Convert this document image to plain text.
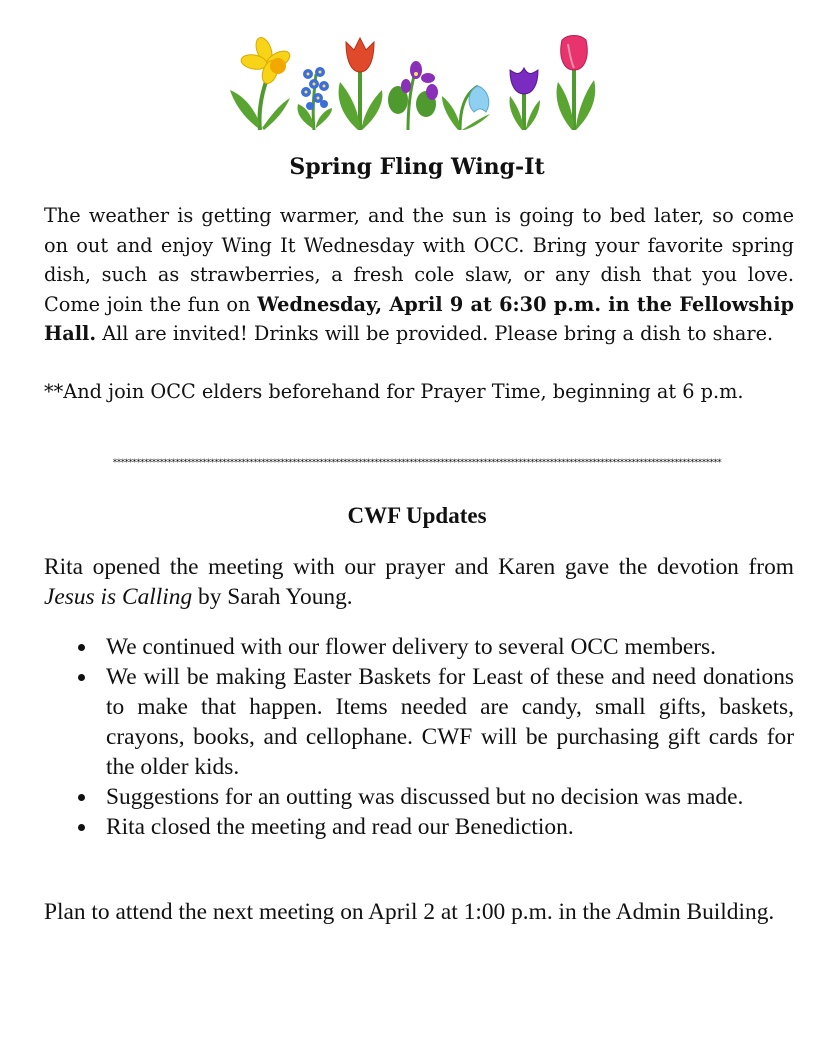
Spring Fling Wing-It

The weather is getting warmer, and the sun is going to bed later, so come on out and enjoy Wing It Wednesday with OCC. Bring your favorite spring dish, such as strawberries, a fresh cole slaw, or any dish that you love. Come join the fun on Wednesday, April 9 at 6:30 p.m. in the Fellowship Hall. All are invited! Drinks will be provided. Please bring a dish to share.

**And join OCC elders beforehand for Prayer Time, beginning at 6 p.m.

************************************************************************************************************************************************************
CWF Updates

Rita opened the meeting with our prayer and Karen gave the devotion from Jesus is Calling by Sarah Young.

We continued with our flower delivery to several OCC members.
We will be making Easter Baskets for Least of these and need donations to make that happen. Items needed are candy, small gifts, baskets, crayons, books, and cellophane. CWF will be purchasing gift cards for the older kids.
Suggestions for an outting was discussed but no decision was made.
Rita closed the meeting and read our Benediction.

Plan to attend the next meeting on April 2 at 1:00 p.m. in the Admin Building.
